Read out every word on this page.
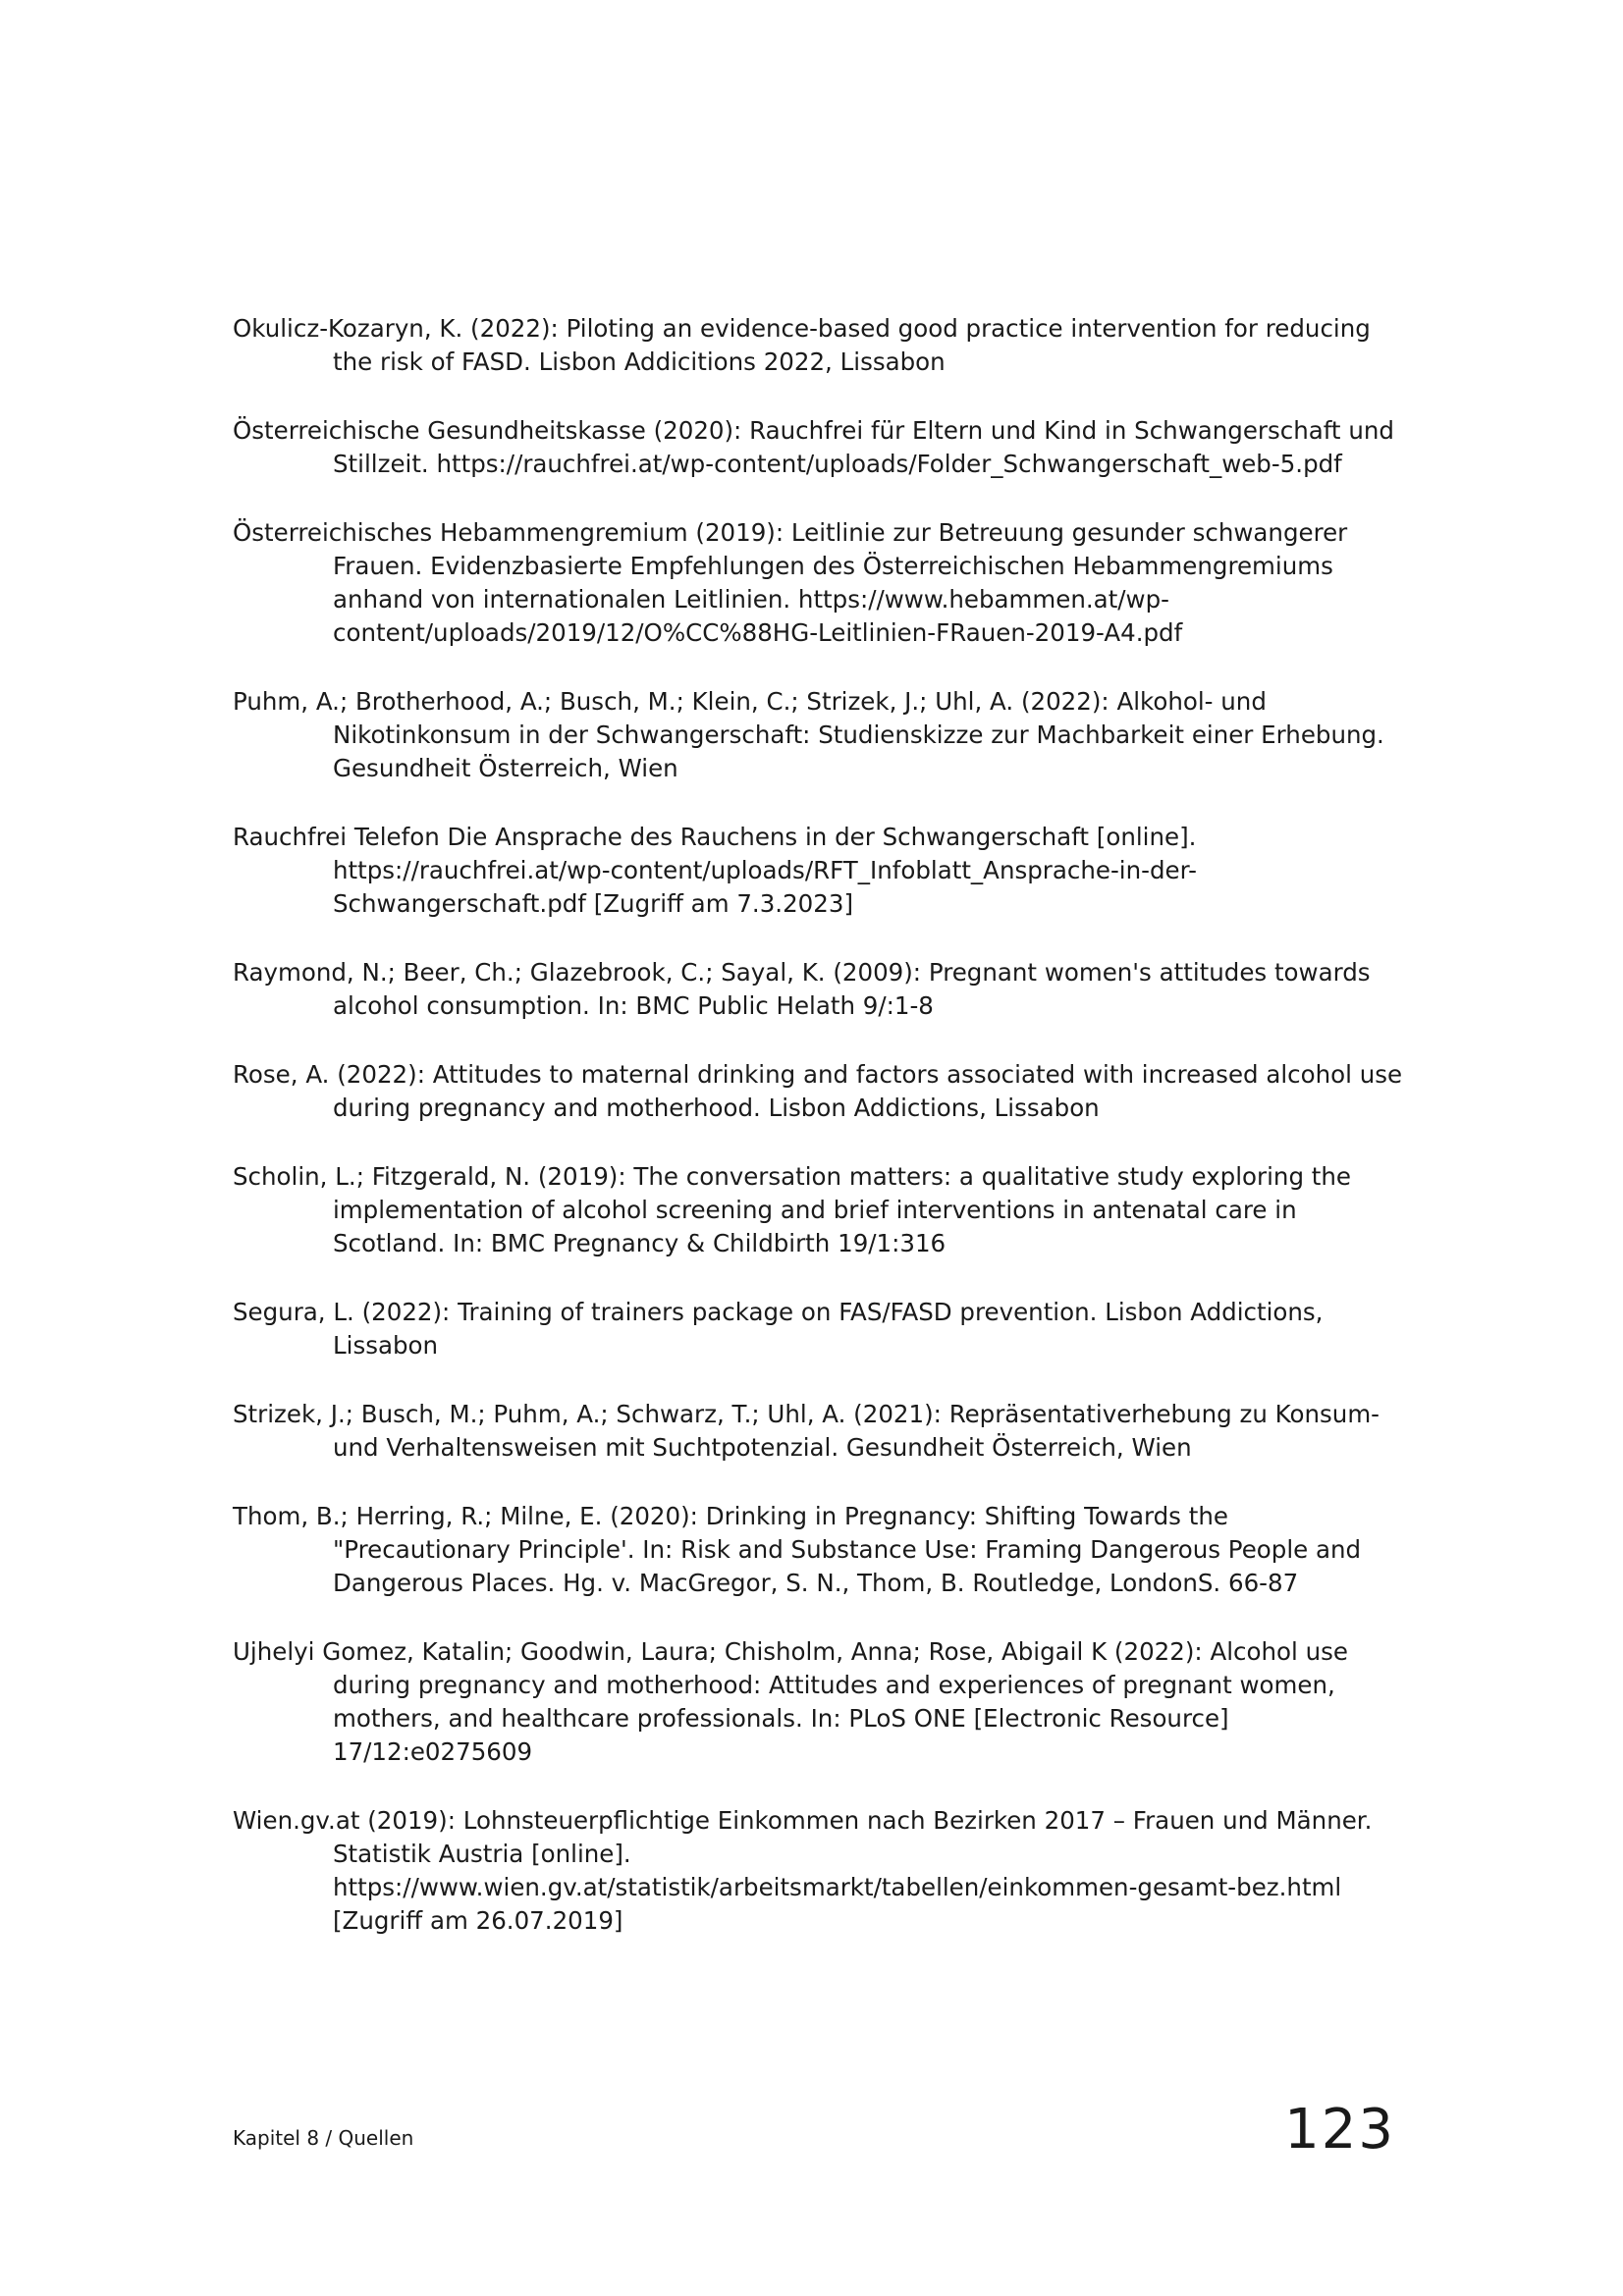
Okulicz-Kozaryn, K. (2022): Piloting an evidence-based good practice intervention for reducing the risk of FASD. Lisbon Addicitions 2022, Lissabon
Österreichische Gesundheitskasse (2020): Rauchfrei für Eltern und Kind in Schwangerschaft und Stillzeit. https://rauchfrei.at/wp-content/uploads/Folder_Schwangerschaft_web-5.pdf
Österreichisches Hebammengremium (2019): Leitlinie zur Betreuung gesunder schwangerer Frauen. Evidenzbasierte Empfehlungen des Österreichischen Hebammengremiums anhand von internationalen Leitlinien. https://www.hebammen.at/wp-content/uploads/2019/12/O%CC%88HG-Leitlinien-FRauen-2019-A4.pdf
Puhm, A.; Brotherhood, A.; Busch, M.; Klein, C.; Strizek, J.; Uhl, A. (2022): Alkohol- und Nikotinkonsum in der Schwangerschaft: Studienskizze zur Machbarkeit einer Erhebung. Gesundheit Österreich, Wien
Rauchfrei Telefon Die Ansprache des Rauchens in der Schwangerschaft [online]. https://rauchfrei.at/wp-content/uploads/RFT_Infoblatt_Ansprache-in-der-Schwangerschaft.pdf [Zugriff am 7.3.2023]
Raymond, N.; Beer, Ch.; Glazebrook, C.; Sayal, K. (2009): Pregnant women's attitudes towards alcohol consumption. In: BMC Public Helath 9/:1-8
Rose, A. (2022): Attitudes to maternal drinking and factors associated with increased alcohol use during pregnancy and motherhood. Lisbon Addictions, Lissabon
Scholin, L.; Fitzgerald, N. (2019): The conversation matters: a qualitative study exploring the implementation of alcohol screening and brief interventions in antenatal care in Scotland. In: BMC Pregnancy & Childbirth 19/1:316
Segura, L. (2022): Training of trainers package on FAS/FASD prevention. Lisbon Addictions, Lissabon
Strizek, J.; Busch, M.; Puhm, A.; Schwarz, T.; Uhl, A. (2021): Repräsentativerhebung zu Konsum- und Verhaltensweisen mit Suchtpotenzial. Gesundheit Österreich, Wien
Thom, B.; Herring, R.; Milne, E. (2020): Drinking in Pregnancy: Shifting Towards the "Precautionary Principle'. In: Risk and Substance Use: Framing Dangerous People and Dangerous Places. Hg. v. MacGregor, S. N., Thom, B. Routledge, LondonS. 66-87
Ujhelyi Gomez, Katalin; Goodwin, Laura; Chisholm, Anna; Rose, Abigail K (2022): Alcohol use during pregnancy and motherhood: Attitudes and experiences of pregnant women, mothers, and healthcare professionals. In: PLoS ONE [Electronic Resource] 17/12:e0275609
Wien.gv.at (2019): Lohnsteuerpflichtige Einkommen nach Bezirken 2017 – Frauen und Männer. Statistik Austria [online]. https://www.wien.gv.at/statistik/arbeitsmarkt/tabellen/einkommen-gesamt-bez.html [Zugriff am 26.07.2019]
Kapitel 8 / Quellen	123
